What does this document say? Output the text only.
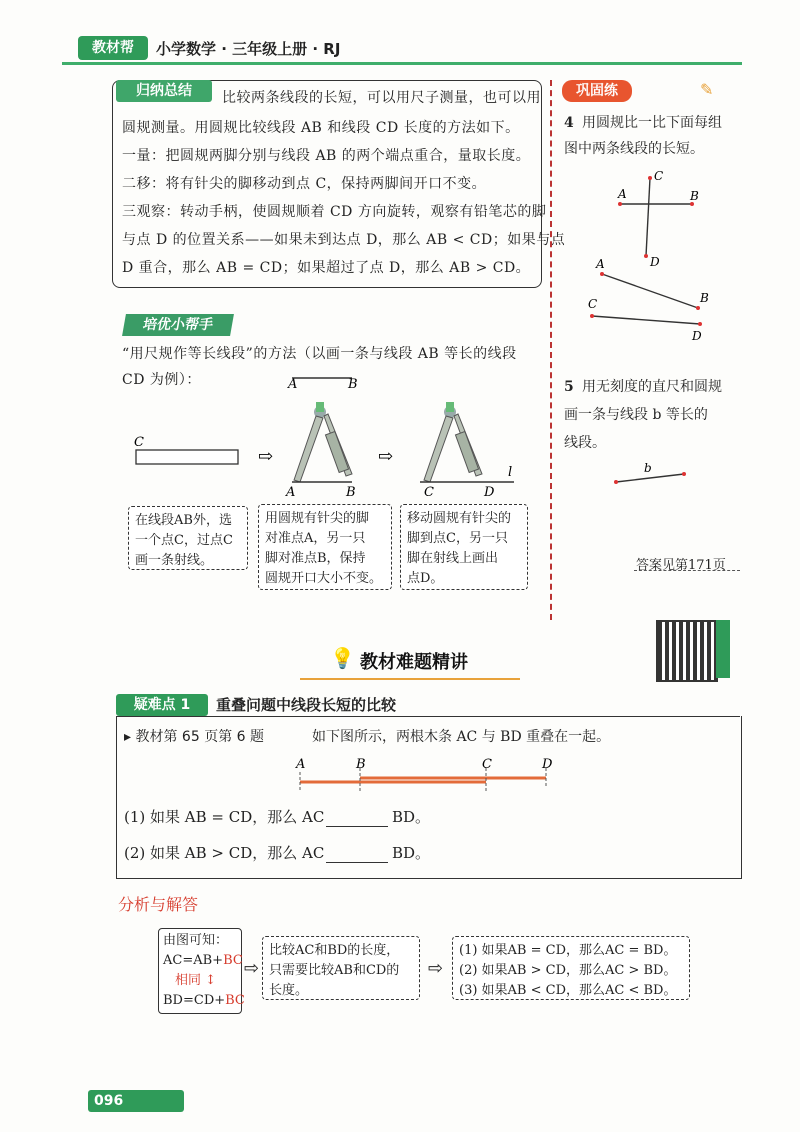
教材帮	小学数学 · 三年级上册 · RJ
归纳总结	比较两条线段的长短，可以用尺子测量，也可以用
圆规测量。用圆规比较线段 AB 和线段 CD 长度的方法如下。
一量：把圆规两脚分别与线段 AB 的两个端点重合，量取长度。
二移：将有针尖的脚移动到点 C，保持两脚间开口不变。
三观察：转动手柄，使圆规顺着 CD 方向旋转，观察有铅笔芯的脚
与点 D 的位置关系——如果未到达点 D，那么 AB < CD；如果与点
D 重合，那么 AB = CD；如果超过了点 D，那么 AB > CD。
培优小帮手
“用尺规作等长线段”的方法（以画一条与线段 AB 等长的线段
CD 为例）：	A	B
C
⇨
A	B
⇨
C	D
l
在线段AB外，选
一个点C，过点C
画一条射线。
用圆规有针尖的脚
对准点A，另一只
脚对准点B，保持
圆规开口大小不变。
移动圆规有针尖的
脚到点C，另一只
脚在射线上画出
点D。
巩固练	✎
4 用圆规比一比下面每组
图中两条线段的长短。
A
C
B
D
A
B
C
D
5 用无刻度的直尺和圆规
画一条与线段 b 等长的
线段。
b
答案见第171页
💡 教材难题精讲
疑难点 1	重叠问题中线段长短的比较
▸ 教材第 65 页第 6 题	如下图所示，两根木条 AC 与 BD 重叠在一起。
A	B	C	D
(1) 如果 AB = CD，那么 AC	BD。
(2) 如果 AB > CD，那么 AC	BD。
分析与解答
由图可知：
AC=AB+BC
相同 ↕
BD=CD+BC
⇨
比较AC和BD的长度，
只需要比较AB和CD的
长度。
⇨
(1) 如果AB = CD，那么AC = BD。
(2) 如果AB > CD，那么AC > BD。
(3) 如果AB < CD，那么AC < BD。
096
